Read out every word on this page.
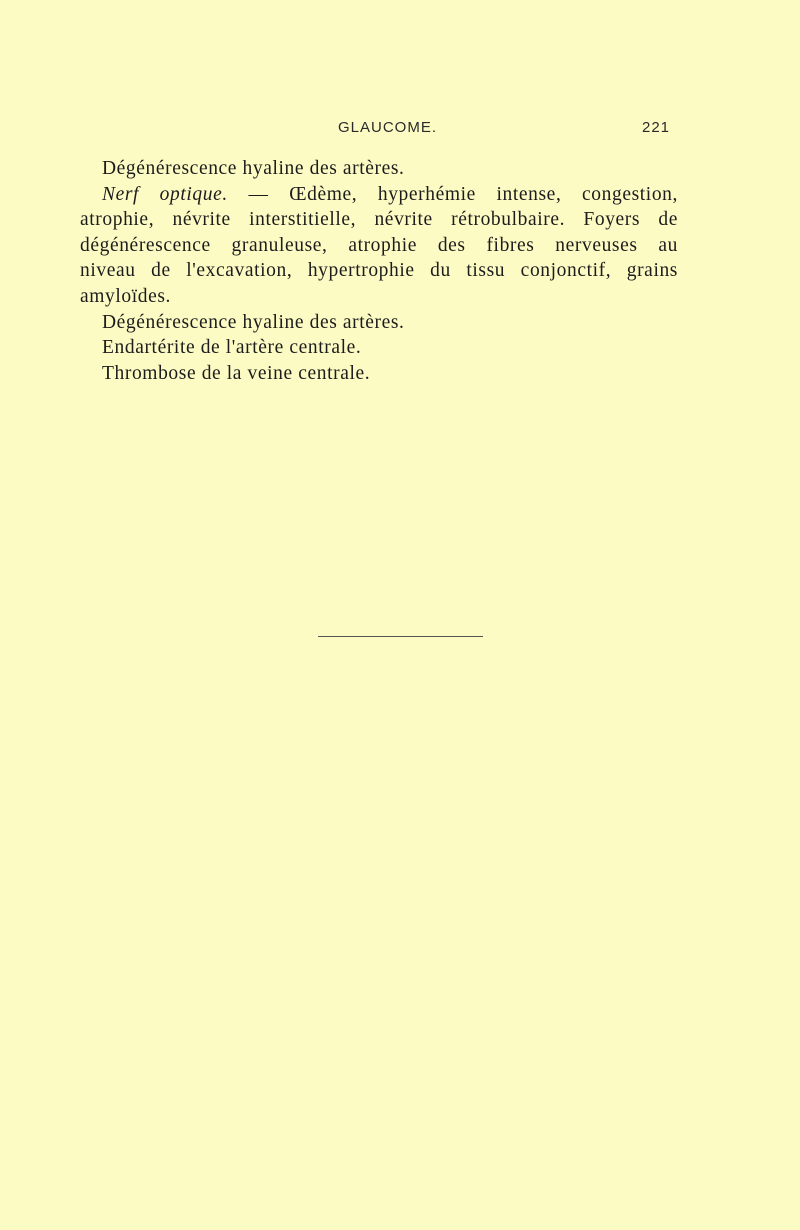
GLAUCOME.	221

Dégénérescence hyaline des artères.

Nerf optique. — Œdème, hyperhémie intense, congestion,

atrophie, névrite interstitielle, névrite rétrobulbaire. Foyers de

dégénérescence granuleuse, atrophie des fibres nerveuses au

niveau de l'excavation, hypertrophie du tissu conjonctif, grains

amyloïdes.

Dégénérescence hyaline des artères.

Endartérite de l'artère centrale.

Thrombose de la veine centrale.
